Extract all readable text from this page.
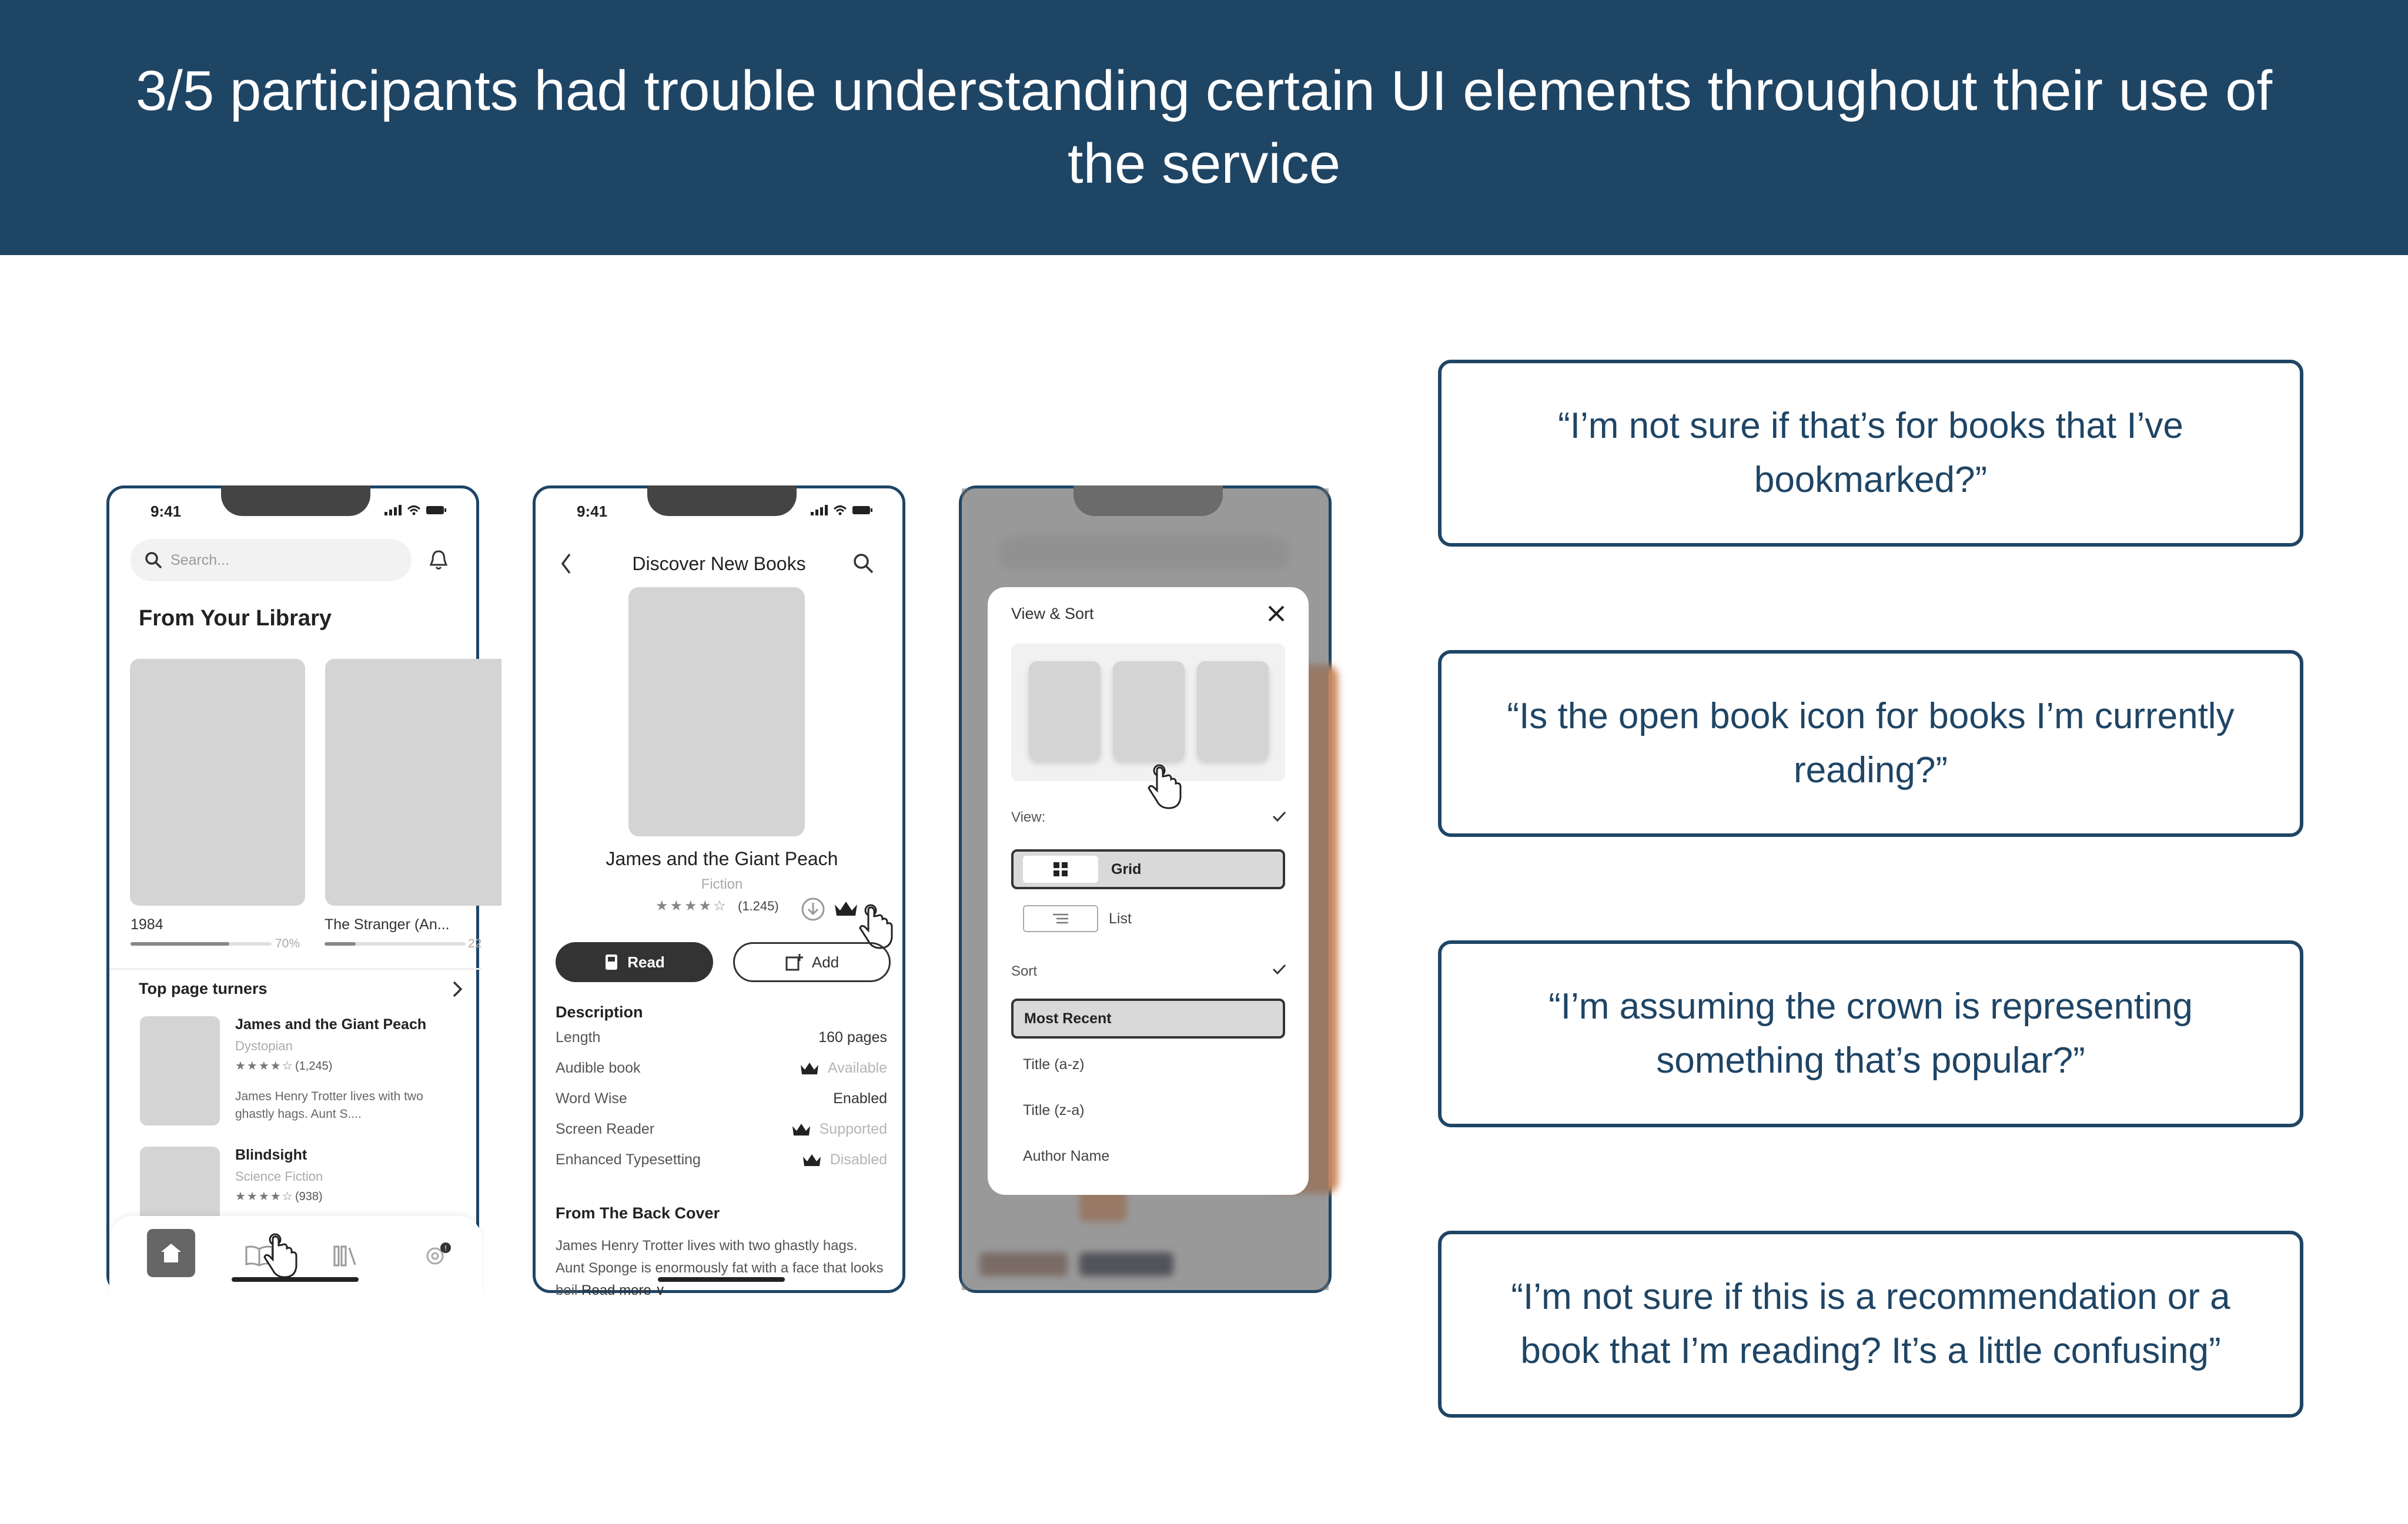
3/5 participants had trouble understanding certain UI elements throughout their use of the service
9:41
Search...
From Your Library
1984
70%
The Stranger (An...
22
Top page turners
James and the Giant Peach
Dystopian
★★★★☆ (1,245)
James Henry Trotter lives with two ghastly hags. Aunt S....
Blindsight
Science Fiction
★★★★☆ (938)
!
9:41
Discover New Books
James and the Giant Peach
Fiction
★★★★☆ (1.245)
Read	Add
Description
Length	160 pages
Audible book	Available
Word Wise	Enabled
Screen Reader	Supported
Enhanced Typesetting	Disabled
From The Back Cover
James Henry Trotter lives with two ghastly hags. Aunt Sponge is enormously fat with a face that looks boil Read more ∨
View & Sort
View:
Grid
List
Sort
Most Recent
Title (a-z)
Title (z-a)
Author Name
“I’m not sure if that’s for books that I’ve bookmarked?”
“Is the open book icon for books I’m currently reading?”
“I’m assuming the crown is representing something that’s popular?”
“I’m not sure if this is a recommendation or a book that I’m reading? It’s a little confusing”
